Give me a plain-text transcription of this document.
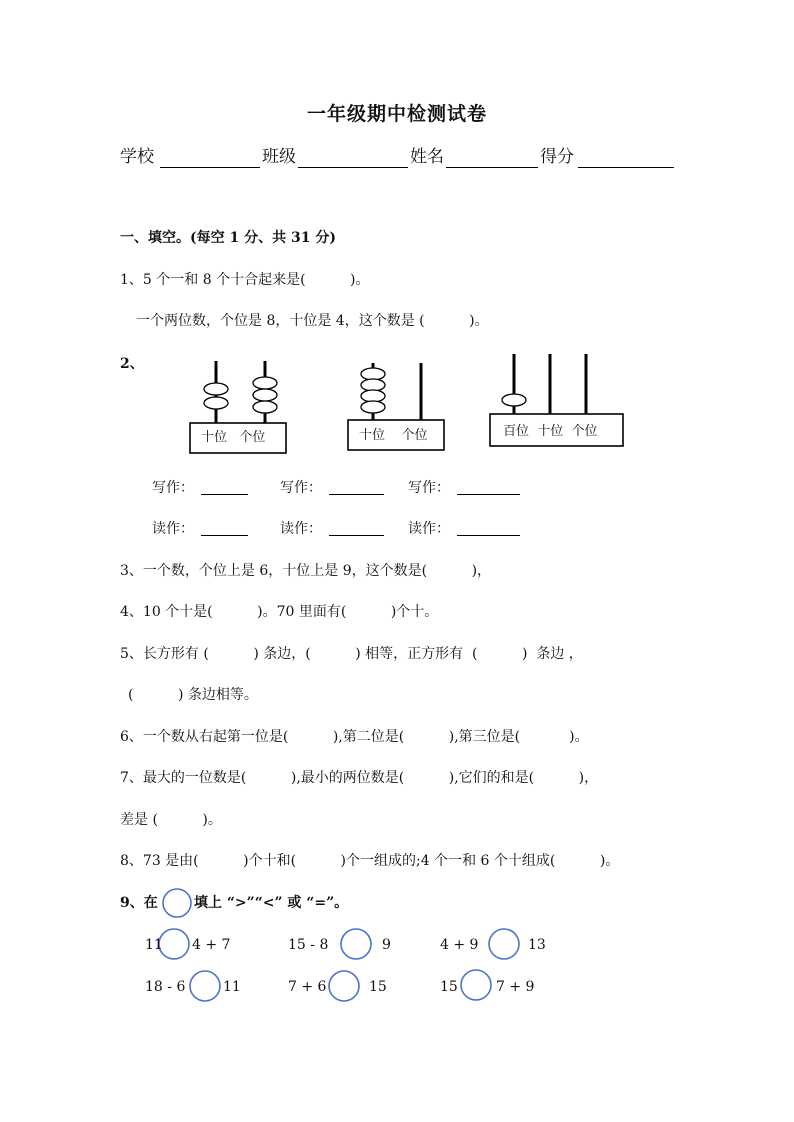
一年级期中检测试卷
学校	班级	姓名	得分
一、填空。(每空 1 分、共 31 分)
1、5 个一和 8 个十合起来是(          )。
一个两位数，个位是 8，十位是 4，这个数是 (          )。
2、
十位   个位	十位    个位	百位  十位  个位
写作：	写作：	写作：
读作：	读作：	读作：
3、一个数，个位上是 6，十位上是 9，这个数是(          )，
4、10 个十是(          )。70 里面有(          )个十。
5、长方形有 (          ) 条边，(          ) 相等，正方形有  (          )  条边 ，
(          ) 条边相等。
6、一个数从右起第一位是(          ),第二位是(          ),第三位是(           )。
7、最大的一位数是(          ),最小的两位数是(          ),它们的和是(          )，
差是 (          )。
8、73 是由(          )个十和(          )个一组成的;4 个一和 6 个十组成(          )。
9、在	填上 “>”“<” 或 “=”。
11 4 + 7	15 - 8	9	4 + 9	13
18 - 6	11	7 + 6	15	15	7 + 9
